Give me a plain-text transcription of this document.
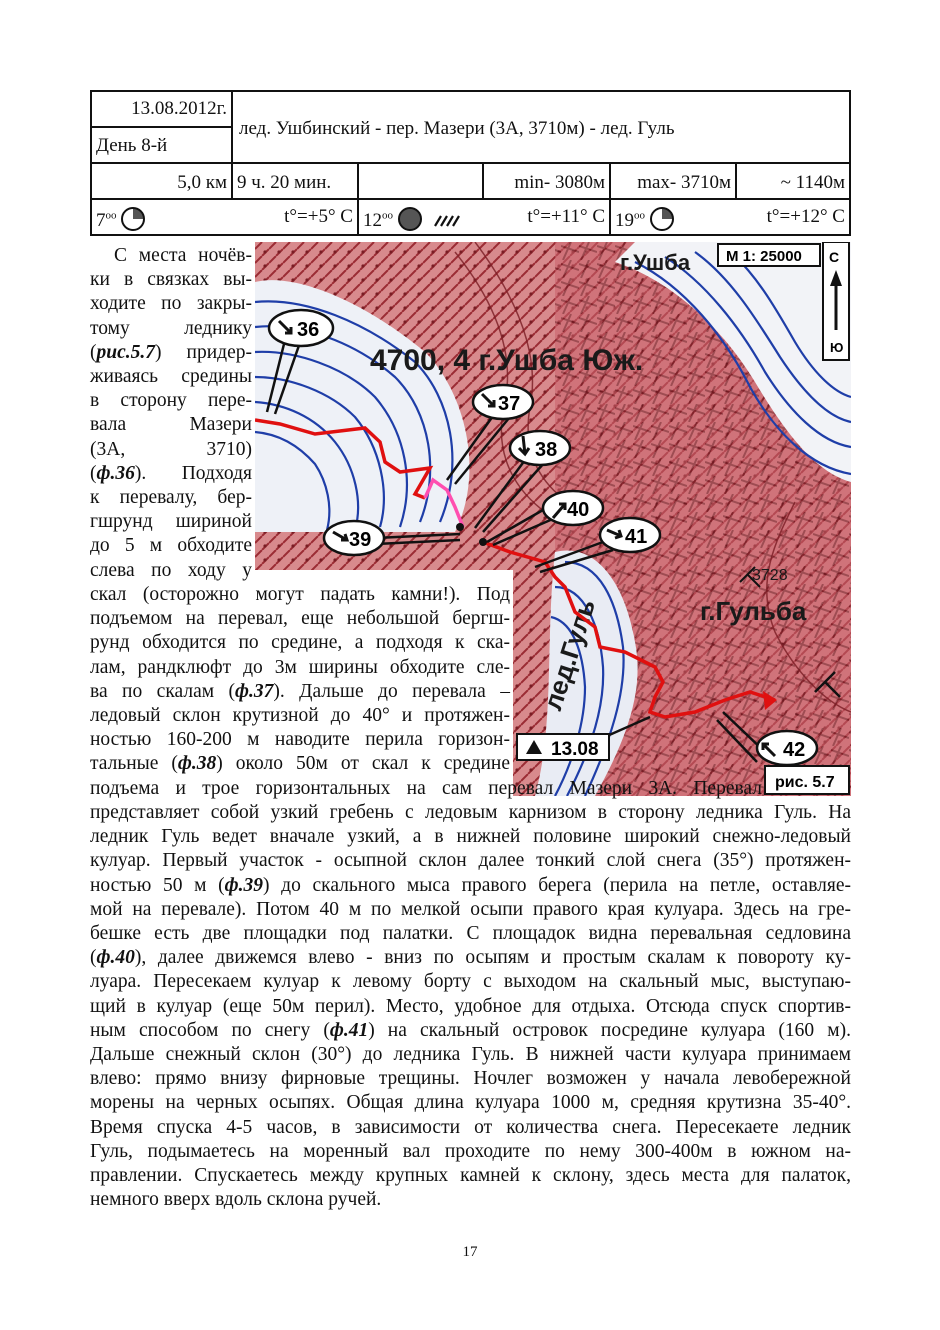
13.08.2012г.
День 8-й
лед. Ушбинский - пер. Мазери (3А, 3710м) - лед. Гуль
5,0 км 9 ч. 20 мин.	min- 3080м	max- 3710м	~ 1140м
$7^{оо}$	t°=+5° C $12^{оо}$	t°=+11° C $19^{оо}$	t°=+12° C
г.Ушба
4700, 4 г.Ушба Юж.
г.Гульба
3728
лед.Гуль
36
37
38
39
40
41
42
13.08
М 1: 25000 С
Ю
рис. 5.7
С места ночёв-
ки в связках вы-
ходите по закры-
тому леднику
(рис.5.7) придер-
живаясь средины
в сторону пере-
вала Мазери
(3А, 3710)
(ф.36). Подходя
к перевалу, бер-
гшрунд шириной
до 5 м обходите
слева по ходу у
скал (осторожно могут падать камни!). Под
подъемом на перевал, еще небольшой бергш-
рунд обходится по средине, а подходя к ска-
лам, рандклюфт до 3м ширины обходите сле-
ва по скалам (ф.37). Дальше до перевала –
ледовый склон крутизной до 40° и протяжен-
ностью 160-200 м наводите перила горизон-
тальные (ф.38) около 50м от скал к средине
подъема и трое горизонтальных на сам перевал Мазери 3А. Перевал
представляет собой узкий гребень с ледовым карнизом в сторону ледника Гуль. На
ледник Гуль ведет вначале узкий, а в нижней половине широкий снежно-ледовый
кулуар. Первый участок - осыпной склон далее тонкий слой снега (35°) протяжен-
ностью 50 м (ф.39) до скального мыса правого берега (перила на петле, оставляе-
мой на перевале). Потом 40 м по мелкой осыпи правого края кулуара. Здесь на гре-
бешке есть две площадки под палатки. С площадок видна перевальная седловина
(ф.40), далее движемся влево - вниз по осыпям и простым скалам к повороту ку-
луара. Пересекаем кулуар к левому борту с выходом на скальный мыс, выступаю-
щий в кулуар (еще 50м перил). Место, удобное для отдыха. Отсюда спуск спортив-
ным способом по снегу (ф.41) на скальный островок посредине кулуара (160 м).
Дальше снежный склон (30°) до ледника Гуль. В нижней части кулуара принимаем
влево: прямо внизу фирновые трещины. Ночлег возможен у начала левобережной
морены на черных осыпях. Общая длина кулуара 1000 м, средняя крутизна 35-40°.
Время спуска 4-5 часов, в зависимости от количества снега. Пересекаете ледник
Гуль, подымаетесь на моренный вал проходите по нему 300-400м в южном на-
правлении. Спускаетесь между крупных камней к склону, здесь места для палаток,
немного вверх вдоль склона ручей.
17
